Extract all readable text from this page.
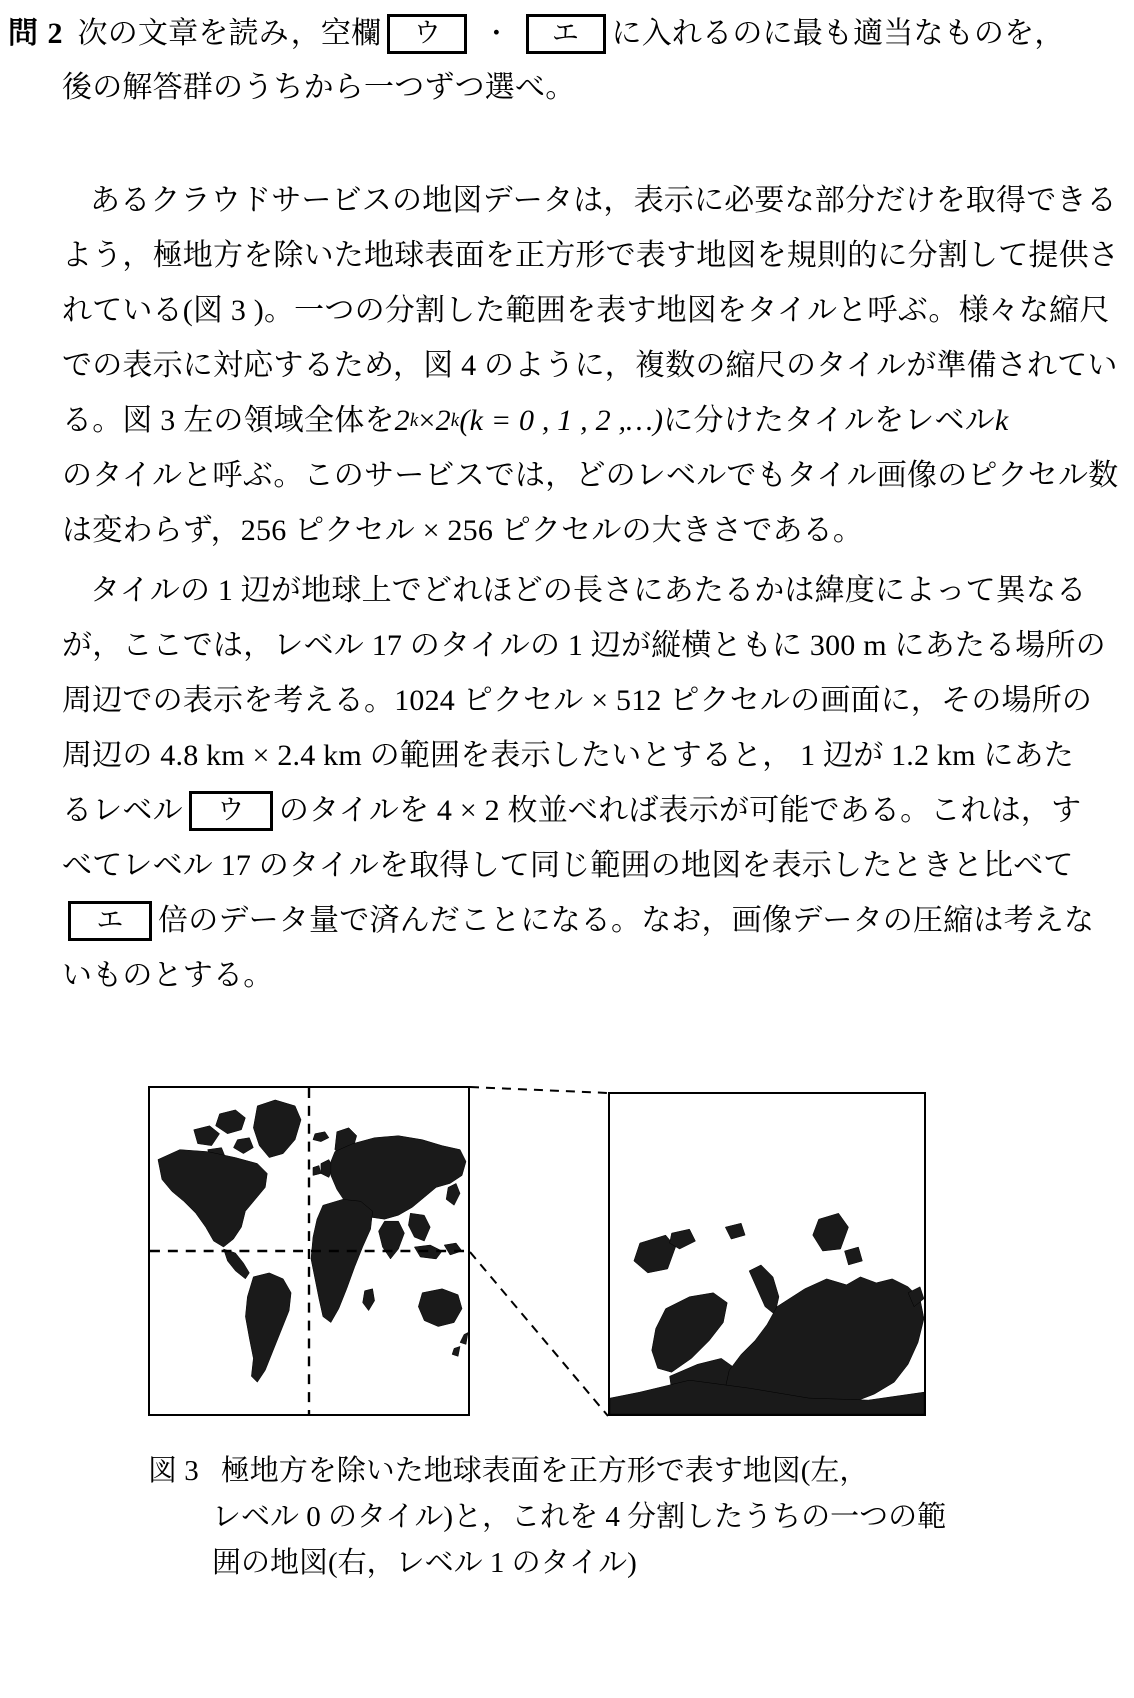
問 2 次の文章を読み，空欄	ウ	・	エ	に入れるのに最も適当なものを，
後の解答群のうちから一つずつ選べ。
あるクラウドサービスの地図データは，表示に必要な部分だけを取得できる
よう，極地方を除いた地球表面を正方形で表す地図を規則的に分割して提供さ
れている(図 3 )。一つの分割した範囲を表す地図をタイルと呼ぶ。様々な縮尺
での表示に対応するため，図 4 のように，複数の縮尺のタイルが準備されてい
る。図 3 左の領域全体を 2 k × 2 k (k = 0 , 1 , 2 ,…) に分けたタイルをレベル k
のタイルと呼ぶ。このサービスでは，どのレベルでもタイル画像のピクセル数
は変わらず，256 ピクセル × 256 ピクセルの大きさである。
タイルの 1 辺が地球上でどれほどの長さにあたるかは緯度によって異なる
が，ここでは，レベル 17 のタイルの 1 辺が縦横ともに 300 m にあたる場所の
周辺での表示を考える。1024 ピクセル × 512 ピクセルの画面に，その場所の
周辺の 4.8 km × 2.4 km の範囲を表示したいとすると， 1 辺が 1.2 km にあた
るレベル	ウ	のタイルを 4 × 2 枚並べれば表示が可能である。これは，す
べてレベル 17 のタイルを取得して同じ範囲の地図を表示したときと比べて
エ	倍のデータ量で済んだことになる。なお，画像データの圧縮は考えな
いものとする。
図 3 極地方を除いた地球表面を正方形で表す地図(左，
レベル 0 のタイル)と，これを 4 分割したうちの一つの範
囲の地図(右，レベル 1 のタイル)
